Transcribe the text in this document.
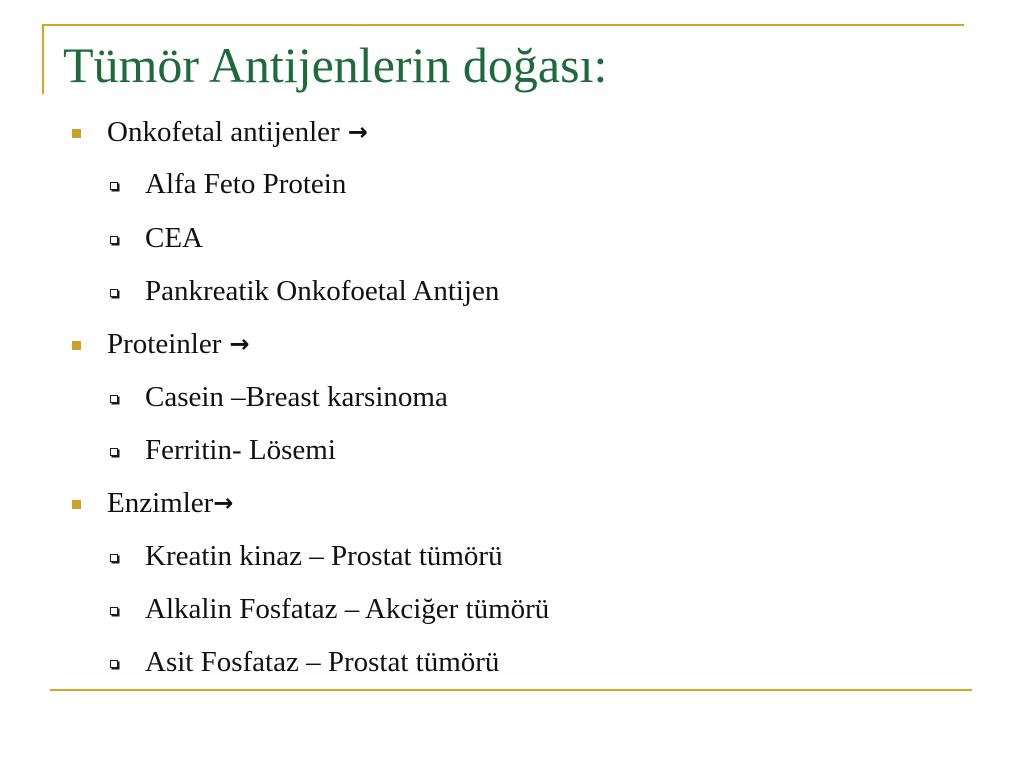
Tümör Antijenlerin doğası:
Onkofetal antijenler →
Alfa Feto Protein
CEA
Pankreatik Onkofoetal Antijen
Proteinler →
Casein –Breast karsinoma
Ferritin- Lösemi
Enzimler →
Kreatin kinaz – Prostat tümörü
Alkalin Fosfataz – Akciğer tümörü
Asit Fosfataz – Prostat tümörü
